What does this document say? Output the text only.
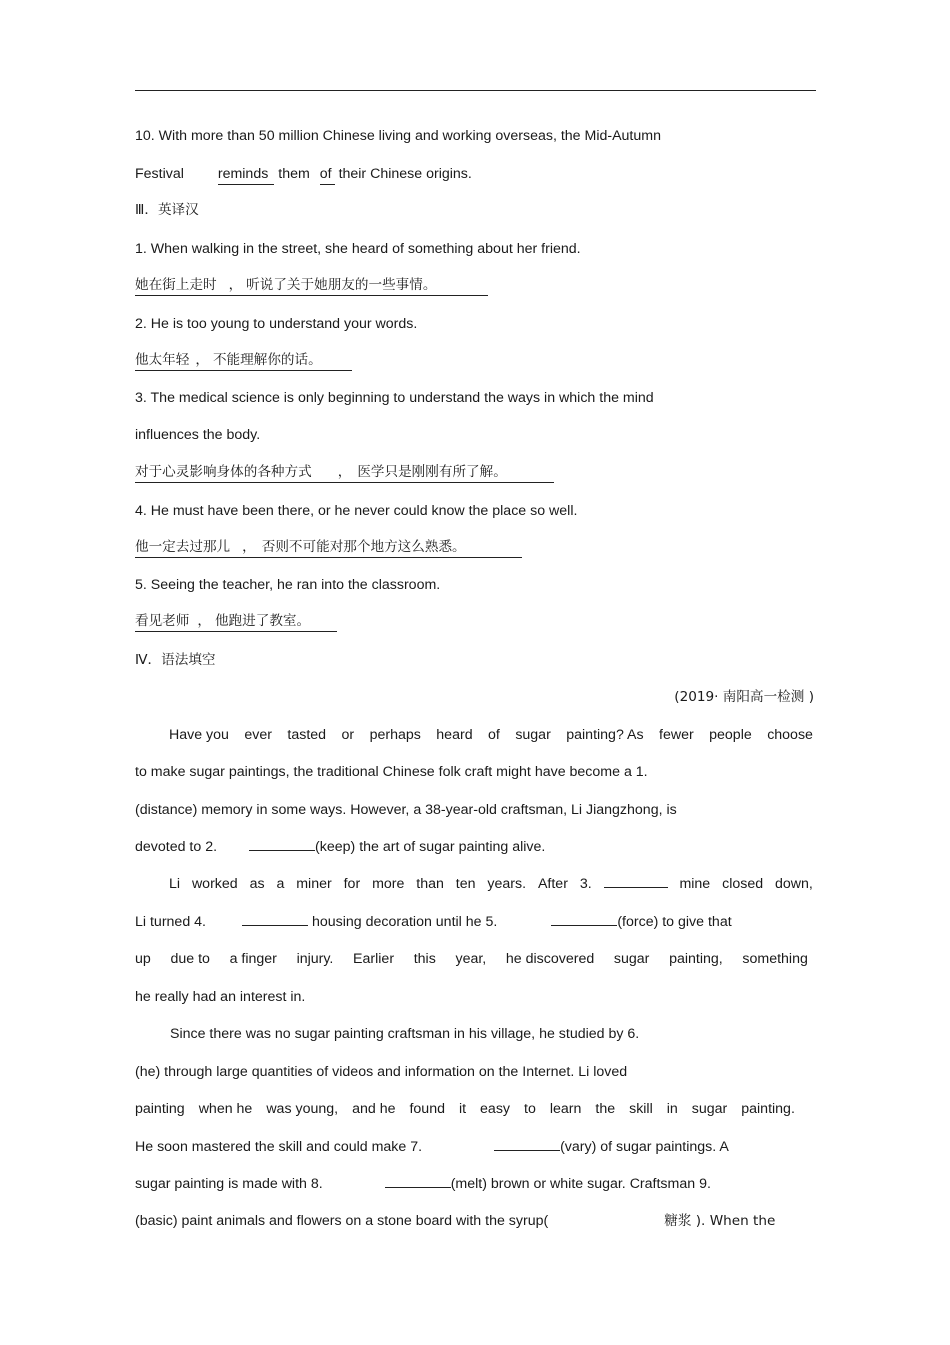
10. With more than 50 million Chinese living and working overseas, the Mid-Autumn
Festival reminds them of their Chinese origins.
Ⅲ．英译汉
1. When walking in the street, she heard of something about her friend.
她在街上走时 ， 听说了关于她朋友的一些事情。
2. He is too young to understand your words.
他太年轻 ， 不能理解你的话。
3. The medical science is only beginning to understand the ways in which the mind
influences the body.
对于心灵影响身体的各种方式 ， 医学只是刚刚有所了解。
4. He must have been there, or he never could know the place so well.
他一定去过那儿 ， 否则不可能对那个地方这么熟悉。
5. Seeing the teacher, he ran into the classroom.
看见老师 ， 他跑进了教室。
Ⅳ．语法填空
(2019· 南阳高一检测 )
Have you ever tasted or perhaps heard of sugar painting? As fewer people choose
to make sugar paintings, the traditional Chinese folk craft might have become a 1.
(distance) memory in some ways. However, a 38-year-old craftsman, Li Jiangzhong, is
devoted to 2.	(keep) the art of sugar painting alive.
Li worked as a miner for more than ten years. After 3.	mine closed down,
Li turned 4.	housing decoration until he 5.	(force) to give that
up due to a finger injury. Earlier this year, he discovered sugar painting, something
he really had an interest in.
Since there was no sugar painting craftsman in his village, he studied by 6.
(he) through large quantities of videos and information on the Internet. Li loved
painting when he was young, and he found it easy to learn the skill in sugar painting.
He soon mastered the skill and could make 7.	(vary) of sugar paintings. A
sugar painting is made with 8.	(melt) brown or white sugar. Craftsman 9.
(basic) paint animals and flowers on a stone board with the syrup(	糖浆 ). When the
